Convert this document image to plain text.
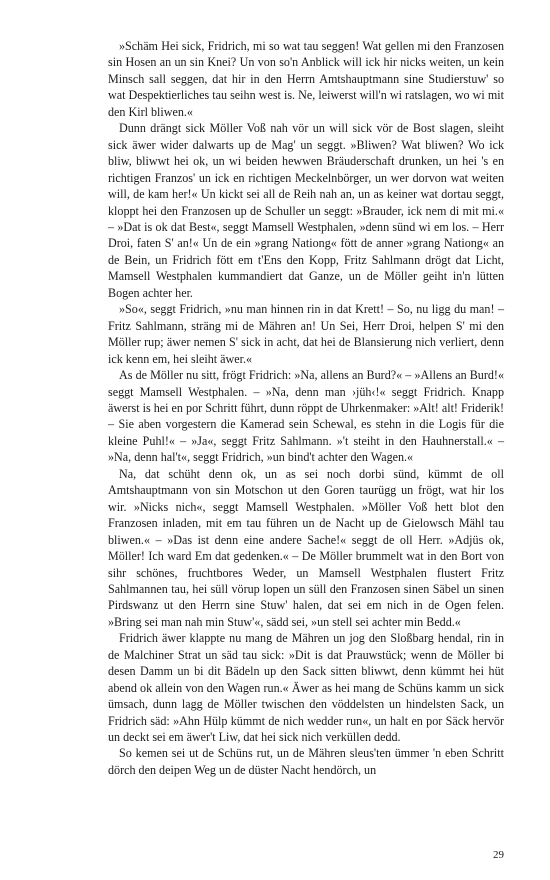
»Schäm Hei sick, Fridrich, mi so wat tau seggen! Wat gellen mi den Franzosen sin Hosen an un sin Knei? Un von so'n Anblick will ick hir nicks weiten, un kein Minsch sall seggen, dat hir in den Herrn Amtshauptmann sine Studierstuw' so wat Despektierliches tau seihn west is. Ne, leiwerst will'n wi ratslagen, wo wi mit den Kirl bliwen.«

Dunn drängt sick Möller Voß nah vör un will sick vör de Bost slagen, sleiht sick äwer wider dalwarts up de Mag' un seggt. »Bliwen? Wat bliwen? Wo ick bliw, bliwwt hei ok, un wi beiden hewwen Bräuderschaft drunken, un hei 's en richtigen Franzos' un ick en richtigen Meckelnbörger, un wer dorvon wat weiten will, de kam her!« Un kickt sei all de Reih nah an, un as keiner wat dortau seggt, kloppt hei den Franzosen up de Schuller un seggt: »Brauder, ick nem di mit mi.« – »Dat is ok dat Best«, seggt Mamsell Westphalen, »denn sünd wi em los. – Herr Droi, faten S' an!« Un de ein »grang Nationg« fött de anner »grang Nationg« an de Bein, un Fridrich fött em t'Ens den Kopp, Fritz Sahlmann drögt dat Licht, Mamsell Westphalen kummandiert dat Ganze, un de Möller geiht in'n lütten Bogen achter her.

»So«, seggt Fridrich, »nu man hinnen rin in dat Krett! – So, nu ligg du man! – Fritz Sahlmann, sträng mi de Mähren an! Un Sei, Herr Droi, helpen S' mi den Möller rup; äwer nemen S' sick in acht, dat hei de Blansierung nich verliert, denn ick kenn em, hei sleiht äwer.«

As de Möller nu sitt, frögt Fridrich: »Na, allens an Burd?« – »Allens an Burd!« seggt Mamsell Westphalen. – »Na, denn man ›jüh‹!« seggt Fridrich. Knapp äwerst is hei en por Schritt führt, dunn röppt de Uhrkenmaker: »Alt! alt! Friderik! – Sie aben vorgestern die Kamerad sein Schewal, es stehn in die Logis für die kleine Puhl!« – »Ja«, seggt Fritz Sahlmann. »'t steiht in den Hauhnerstall.« – »Na, denn hal't«, seggt Fridrich, »un bind't achter den Wagen.«

Na, dat schüht denn ok, un as sei noch dorbi sünd, kümmt de oll Amtshauptmann von sin Motschon ut den Goren taurügg un frögt, wat hir los wir. »Nicks nich«, seggt Mamsell Westphalen. »Möller Voß hett blot den Franzosen inladen, mit em tau führen un de Nacht up de Gielowsch Mähl tau bliwen.« – »Das ist denn eine andere Sache!« seggt de oll Herr. »Adjüs ok, Möller! Ich ward Em dat gedenken.« – De Möller brummelt wat in den Bort von sihr schönes, fruchtbores Weder, un Mamsell Westphalen flustert Fritz Sahlmannen tau, hei süll vörup lopen un süll den Franzosen sinen Säbel un sinen Pirdswanz ut den Herrn sine Stuw' halen, dat sei em nich in de Ogen felen. »Bring sei man nah min Stuw'«, sädd sei, »un stell sei achter min Bedd.«

Fridrich äwer klappte nu mang de Mähren un jog den Sloßbarg hendal, rin in de Malchiner Strat un säd tau sick: »Dit is dat Prauwstück; wenn de Möller bi desen Damm un bi dit Bädeln up den Sack sitten bliwwt, denn kümmt hei hüt abend ok allein von den Wagen run.« Äwer as hei mang de Schüns kamm un sick ümsach, dunn lagg de Möller twischen den vöddelsten un hindelsten Sack, un Fridrich säd: »Ahn Hülp kümmt de nich wedder run«, un halt en por Säck hervör un deckt sei em äwer't Liw, dat hei sick nich verküllen dedd.

So kemen sei ut de Schüns rut, un de Mähren sleus'ten ümmer 'n eben Schritt dörch den deipen Weg un de düster Nacht hendörch, un

29
